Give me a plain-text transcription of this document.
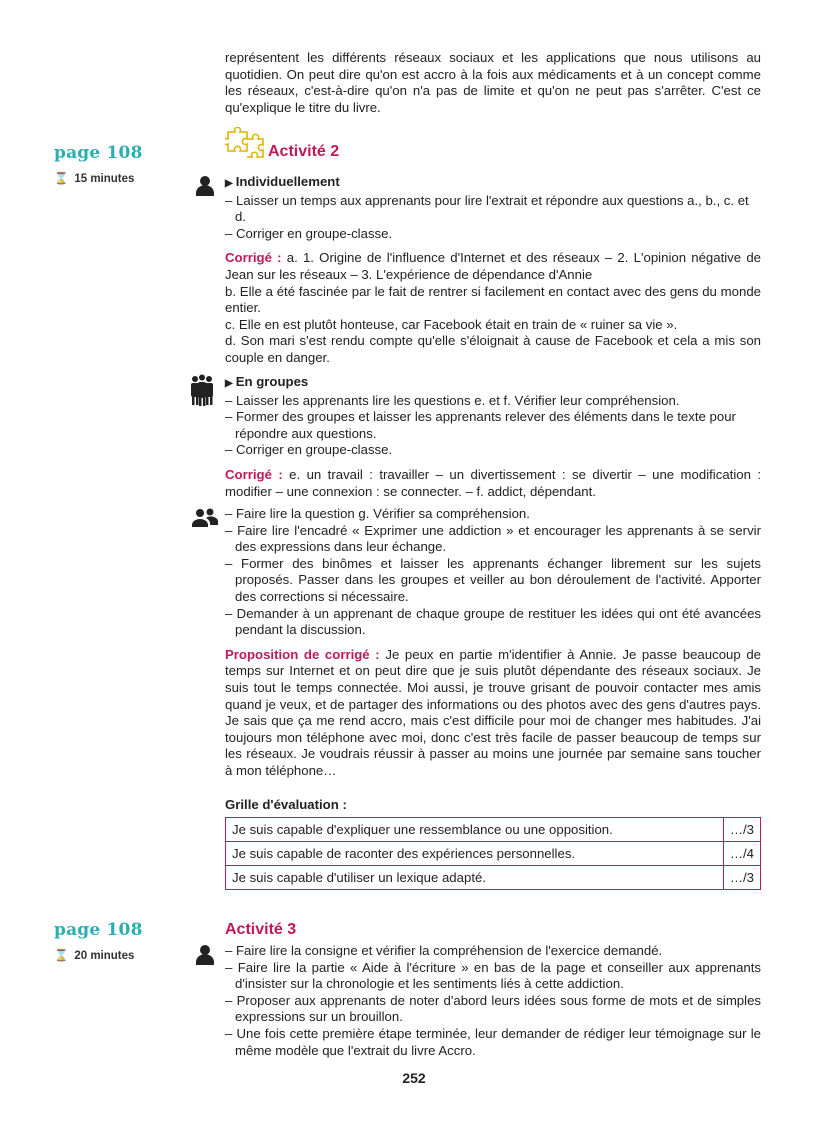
représentent les différents réseaux sociaux et les applications que nous utilisons au quotidien. On peut dire qu'on est accro à la fois aux médicaments et à un concept comme les réseaux, c'est-à-dire qu'on n'a pas de limite et qu'on ne peut pas s'arrêter. C'est ce qu'explique le titre du livre.

page 108
⌛ 15 minutes
Activité 2
▶ Individuellement
– Laisser un temps aux apprenants pour lire l'extrait et répondre aux questions a., b., c. et d.
– Corriger en groupe-classe.

Corrigé : a. 1. Origine de l'influence d'Internet et des réseaux – 2. L'opinion négative de Jean sur les réseaux – 3. L'expérience de dépendance d'Annie

b. Elle a été fascinée par le fait de rentrer si facilement en contact avec des gens du monde entier.

c. Elle en est plutôt honteuse, car Facebook était en train de « ruiner sa vie ».

d. Son mari s'est rendu compte qu'elle s'éloignait à cause de Facebook et cela a mis son couple en danger.

▶ En groupes
– Laisser les apprenants lire les questions e. et f. Vérifier leur compréhension.
– Former des groupes et laisser les apprenants relever des éléments dans le texte pour répondre aux questions.
– Corriger en groupe-classe.

Corrigé : e. un travail : travailler – un divertissement : se divertir – une modification : modifier – une connexion : se connecter. – f. addict, dépendant.

– Faire lire la question g. Vérifier sa compréhension.
– Faire lire l'encadré « Exprimer une addiction » et encourager les apprenants à se servir des expressions dans leur échange.
– Former des binômes et laisser les apprenants échanger librement sur les sujets proposés. Passer dans les groupes et veiller au bon déroulement de l'activité. Apporter des corrections si nécessaire.
– Demander à un apprenant de chaque groupe de restituer les idées qui ont été avancées pendant la discussion.

Proposition de corrigé : Je peux en partie m'identifier à Annie. Je passe beaucoup de temps sur Internet et on peut dire que je suis plutôt dépendante des réseaux sociaux. Je suis tout le temps connectée. Moi aussi, je trouve grisant de pouvoir contacter mes amis quand je veux, et de partager des informations ou des photos avec des gens d'autres pays. Je sais que ça me rend accro, mais c'est difficile pour moi de changer mes habitudes. J'ai toujours mon téléphone avec moi, donc c'est très facile de passer beaucoup de temps sur les réseaux. Je voudrais réussir à passer au moins une journée par semaine sans toucher à mon téléphone…

Grille d'évaluation :
Je suis capable d'expliquer une ressemblance ou une opposition.	…/3
Je suis capable de raconter des expériences personnelles.	…/4
Je suis capable d'utiliser un lexique adapté.	…/3
page 108
⌛ 20 minutes
Activité 3
– Faire lire la consigne et vérifier la compréhension de l'exercice demandé.
– Faire lire la partie « Aide à l'écriture » en bas de la page et conseiller aux apprenants d'insister sur la chronologie et les sentiments liés à cette addiction.
– Proposer aux apprenants de noter d'abord leurs idées sous forme de mots et de simples expressions sur un brouillon.
– Une fois cette première étape terminée, leur demander de rédiger leur témoignage sur le même modèle que l'extrait du livre Accro.
252
